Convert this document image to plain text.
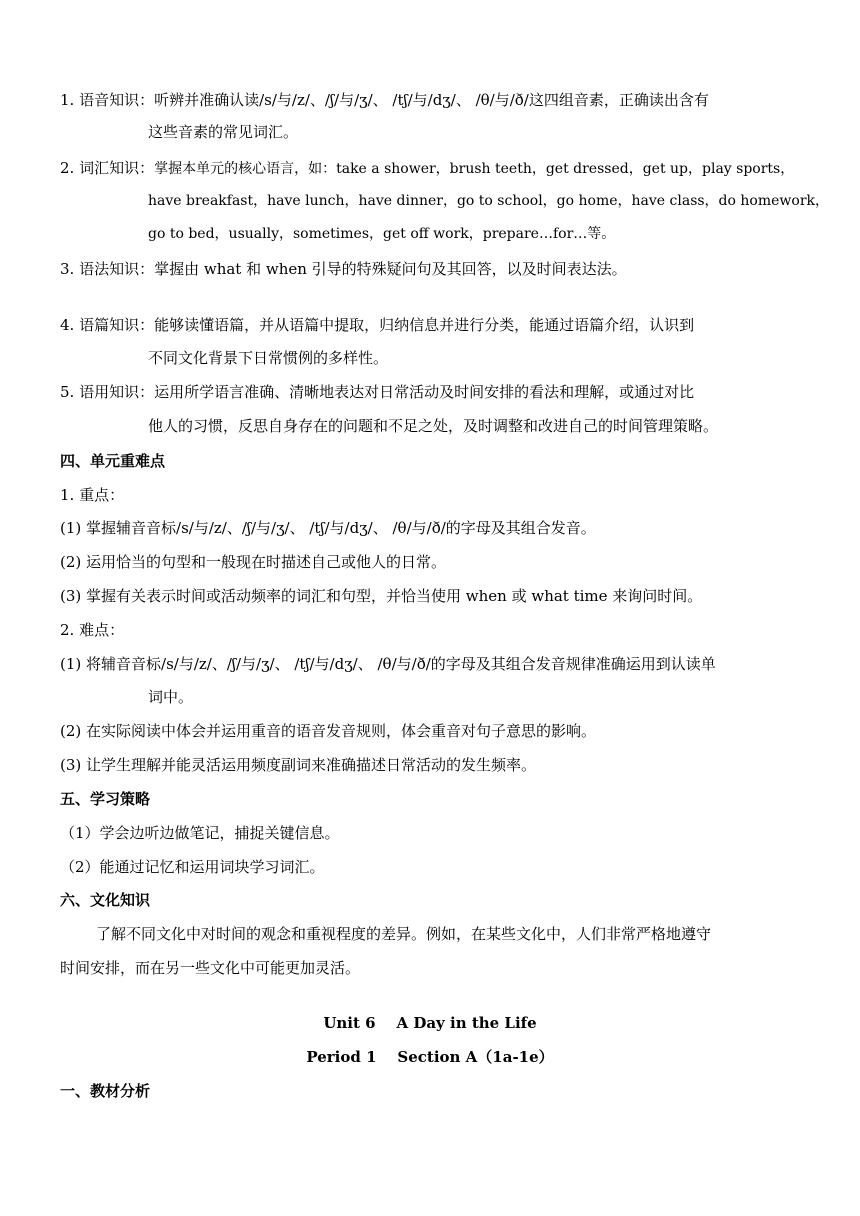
1. 语音知识：听辨并准确认读/s/与/z/、/ʃ/与/ʒ/、 /tʃ/与/dʒ/、 /θ/与/ð/这四组音素，正确读出含有
这些音素的常见词汇。
2. 词汇知识：掌握本单元的核心语言，如：take a shower，brush teeth，get dressed，get up，play sports，
have breakfast，have lunch，have dinner，go to school，go home，have class，do homework，
go to bed，usually，sometimes，get off work，prepare…for…等。
3. 语法知识：掌握由 what 和 when 引导的特殊疑问句及其回答，以及时间表达法。
4. 语篇知识：能够读懂语篇，并从语篇中提取，归纳信息并进行分类，能通过语篇介绍，认识到
不同文化背景下日常惯例的多样性。
5. 语用知识：运用所学语言准确、清晰地表达对日常活动及时间安排的看法和理解，或通过对比
他人的习惯，反思自身存在的问题和不足之处，及时调整和改进自己的时间管理策略。
四、单元重难点
1. 重点：
(1) 掌握辅音音标/s/与/z/、/ʃ/与/ʒ/、 /tʃ/与/dʒ/、 /θ/与/ð/的字母及其组合发音。
(2) 运用恰当的句型和一般现在时描述自己或他人的日常。
(3) 掌握有关表示时间或活动频率的词汇和句型，并恰当使用 when 或 what time 来询问时间。
2. 难点：
(1) 将辅音音标/s/与/z/、/ʃ/与/ʒ/、 /tʃ/与/dʒ/、 /θ/与/ð/的字母及其组合发音规律准确运用到认读单
词中。
(2) 在实际阅读中体会并运用重音的语音发音规则，体会重音对句子意思的影响。
(3) 让学生理解并能灵活运用频度副词来准确描述日常活动的发生频率。
五、学习策略
（1）学会边听边做笔记，捕捉关键信息。
（2）能通过记忆和运用词块学习词汇。
六、文化知识
了解不同文化中对时间的观念和重视程度的差异。例如，在某些文化中，人们非常严格地遵守
时间安排，而在另一些文化中可能更加灵活。
Unit 6    A Day in the Life
Period 1    Section A（1a-1e）
一、教材分析
